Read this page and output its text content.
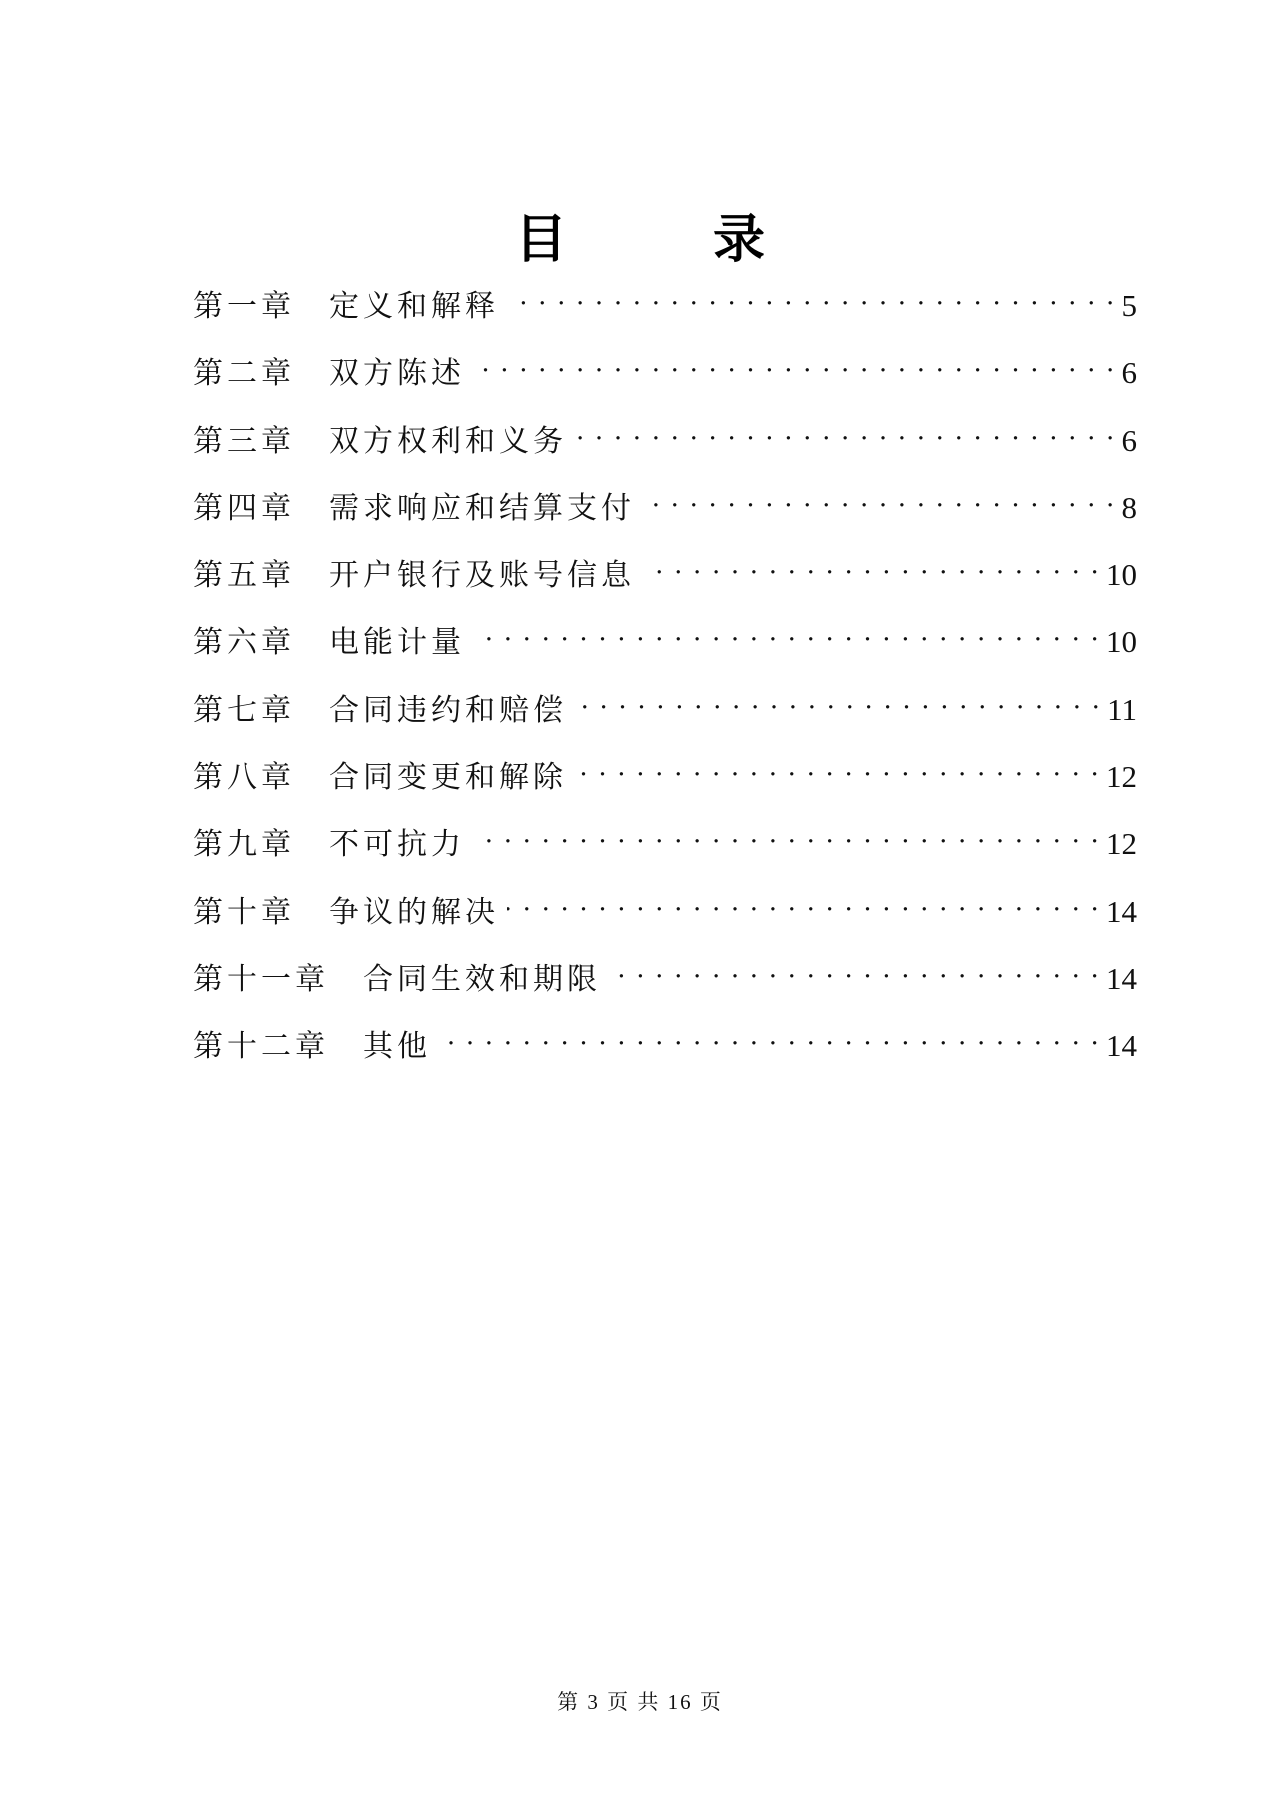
目 录
第一章 定义和解释 . . .	5
第二章 双方陈述 . . .	6
第三章 双方权利和义务 . . .	6
第四章 需求响应和结算支付 . . .	8
第五章 开户银行及账号信息 . . .	10
第六章 电能计量 . . .	10
第七章 合同违约和赔偿 . . .	11
第八章 合同变更和解除 . . .	12
第九章 不可抗力 . . .	12
第十章 争议的解决 . . .	14
第十一章 合同生效和期限 . . .	14
第十二章 其他 . . .	14
第 3 页 共 16 页
